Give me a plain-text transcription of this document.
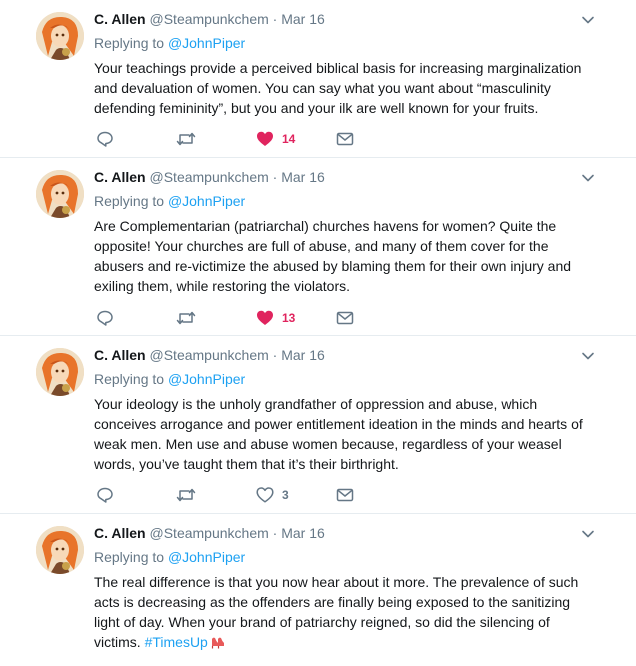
C. Allen @Steampunkchem · Mar 16
Replying to @JohnPiper
Your teachings provide a perceived biblical basis for increasing marginalization and devaluation of women. You can say what you want about “masculinity defending femininity”, but you and your ilk are well known for your fruits.
14
C. Allen @Steampunkchem · Mar 16
Replying to @JohnPiper
Are Complementarian (patriarchal) churches havens for women? Quite the opposite! Your churches are full of abuse, and many of them cover for the abusers and re-victimize the abused by blaming them for their own injury and exiling them, while restoring the violators.
13
C. Allen @Steampunkchem · Mar 16
Replying to @JohnPiper
Your ideology is the unholy grandfather of oppression and abuse, which conceives arrogance and power entitlement ideation in the minds and hearts of weak men. Men use and abuse women because, regardless of your weasel words, you’ve taught them that it’s their birthright.
3
C. Allen @Steampunkchem · Mar 16
Replying to @JohnPiper
The real difference is that you now hear about it more. The prevalence of such acts is decreasing as the offenders are finally being exposed to the sanitizing light of day. When your brand of patriarchy reigned, so did the silencing of victims. #TimesUp
